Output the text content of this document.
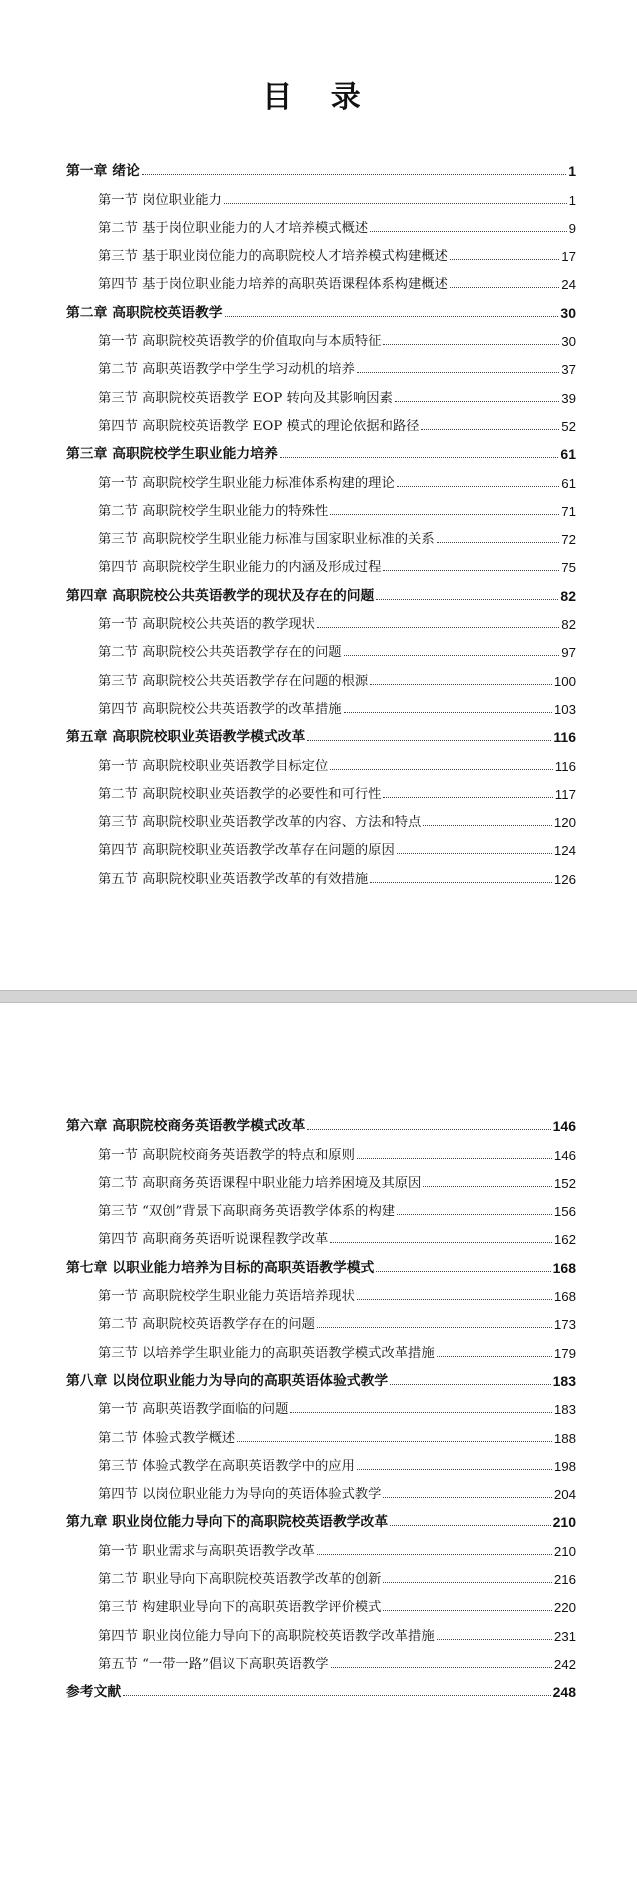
目 录
第一章 绪论	1
第一节 岗位职业能力	1
第二节 基于岗位职业能力的人才培养模式概述	9
第三节 基于职业岗位能力的高职院校人才培养模式构建概述	17
第四节 基于岗位职业能力培养的高职英语课程体系构建概述	24
第二章 高职院校英语教学	30
第一节 高职院校英语教学的价值取向与本质特征	30
第二节 高职英语教学中学生学习动机的培养	37
第三节 高职院校英语教学 EOP 转向及其影响因素	39
第四节 高职院校英语教学 EOP 模式的理论依据和路径	52
第三章 高职院校学生职业能力培养	61
第一节 高职院校学生职业能力标准体系构建的理论	61
第二节 高职院校学生职业能力的特殊性	71
第三节 高职院校学生职业能力标准与国家职业标准的关系	72
第四节 高职院校学生职业能力的内涵及形成过程	75
第四章 高职院校公共英语教学的现状及存在的问题	82
第一节 高职院校公共英语的教学现状	82
第二节 高职院校公共英语教学存在的问题	97
第三节 高职院校公共英语教学存在问题的根源	100
第四节 高职院校公共英语教学的改革措施	103
第五章 高职院校职业英语教学模式改革	116
第一节 高职院校职业英语教学目标定位	116
第二节 高职院校职业英语教学的必要性和可行性	117
第三节 高职院校职业英语教学改革的内容、方法和特点	120
第四节 高职院校职业英语教学改革存在问题的原因	124
第五节 高职院校职业英语教学改革的有效措施	126
第六章 高职院校商务英语教学模式改革	146
第一节 高职院校商务英语教学的特点和原则	146
第二节 高职商务英语课程中职业能力培养困境及其原因	152
第三节 “双创”背景下高职商务英语教学体系的构建	156
第四节 高职商务英语听说课程教学改革	162
第七章 以职业能力培养为目标的高职英语教学模式	168
第一节 高职院校学生职业能力英语培养现状	168
第二节 高职院校英语教学存在的问题	173
第三节 以培养学生职业能力的高职英语教学模式改革措施	179
第八章 以岗位职业能力为导向的高职英语体验式教学	183
第一节 高职英语教学面临的问题	183
第二节 体验式教学概述	188
第三节 体验式教学在高职英语教学中的应用	198
第四节 以岗位职业能力为导向的英语体验式教学	204
第九章 职业岗位能力导向下的高职院校英语教学改革	210
第一节 职业需求与高职英语教学改革	210
第二节 职业导向下高职院校英语教学改革的创新	216
第三节 构建职业导向下的高职英语教学评价模式	220
第四节 职业岗位能力导向下的高职院校英语教学改革措施	231
第五节 “一带一路”倡议下高职英语教学	242
参考文献	248
